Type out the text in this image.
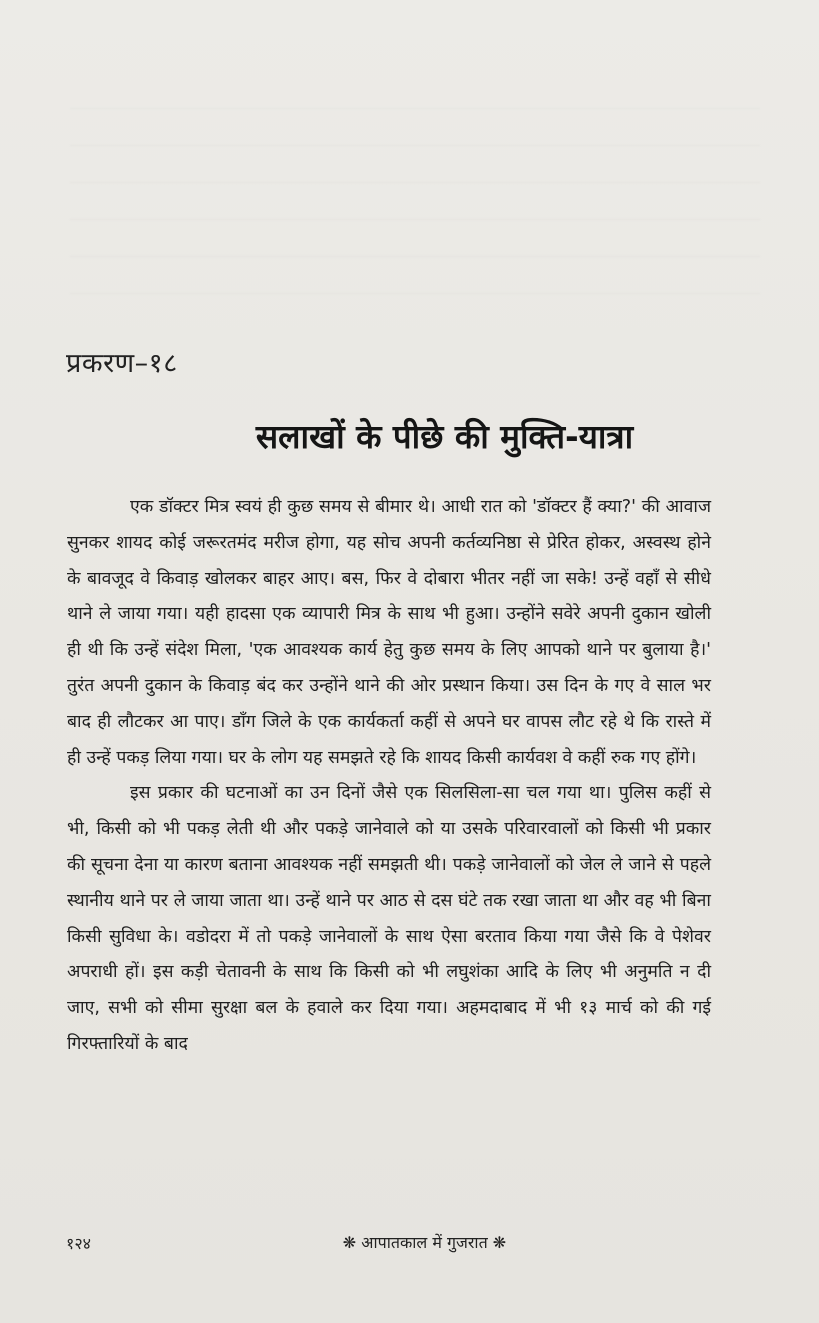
प्रकरण–१८
सलाखों के पीछे की मुक्ति-यात्रा

एक डॉक्टर मित्र स्वयं ही कुछ समय से बीमार थे। आधी रात को 'डॉक्टर हैं क्या?' की आवाज सुनकर शायद कोई जरूरतमंद मरीज होगा, यह सोच अपनी कर्तव्यनिष्ठा से प्रेरित होकर, अस्वस्थ होने के बावजूद वे किवाड़ खोलकर बाहर आए। बस, फिर वे दोबारा भीतर नहीं जा सके! उन्हें वहाँ से सीधे थाने ले जाया गया। यही हादसा एक व्यापारी मित्र के साथ भी हुआ। उन्होंने सवेरे अपनी दुकान खोली ही थी कि उन्हें संदेश मिला, 'एक आवश्यक कार्य हेतु कुछ समय के लिए आपको थाने पर बुलाया है।' तुरंत अपनी दुकान के किवाड़ बंद कर उन्होंने थाने की ओर प्रस्थान किया। उस दिन के गए वे साल भर बाद ही लौटकर आ पाए। डाँग जिले के एक कार्यकर्ता कहीं से अपने घर वापस लौट रहे थे कि रास्ते में ही उन्हें पकड़ लिया गया। घर के लोग यह समझते रहे कि शायद किसी कार्यवश वे कहीं रुक गए होंगे।

इस प्रकार की घटनाओं का उन दिनों जैसे एक सिलसिला-सा चल गया था। पुलिस कहीं से भी, किसी को भी पकड़ लेती थी और पकड़े जानेवाले को या उसके परिवारवालों को किसी भी प्रकार की सूचना देना या कारण बताना आवश्यक नहीं समझती थी। पकड़े जानेवालों को जेल ले जाने से पहले स्थानीय थाने पर ले जाया जाता था। उन्हें थाने पर आठ से दस घंटे तक रखा जाता था और वह भी बिना किसी सुविधा के। वडोदरा में तो पकड़े जानेवालों के साथ ऐसा बरताव किया गया जैसे कि वे पेशेवर अपराधी हों। इस कड़ी चेतावनी के साथ कि किसी को भी लघुशंका आदि के लिए भी अनुमति न दी जाए, सभी को सीमा सुरक्षा बल के हवाले कर दिया गया। अहमदाबाद में भी १३ मार्च को की गई गिरफ्तारियों के बाद

१२४	❋ आपातकाल में गुजरात ❋
